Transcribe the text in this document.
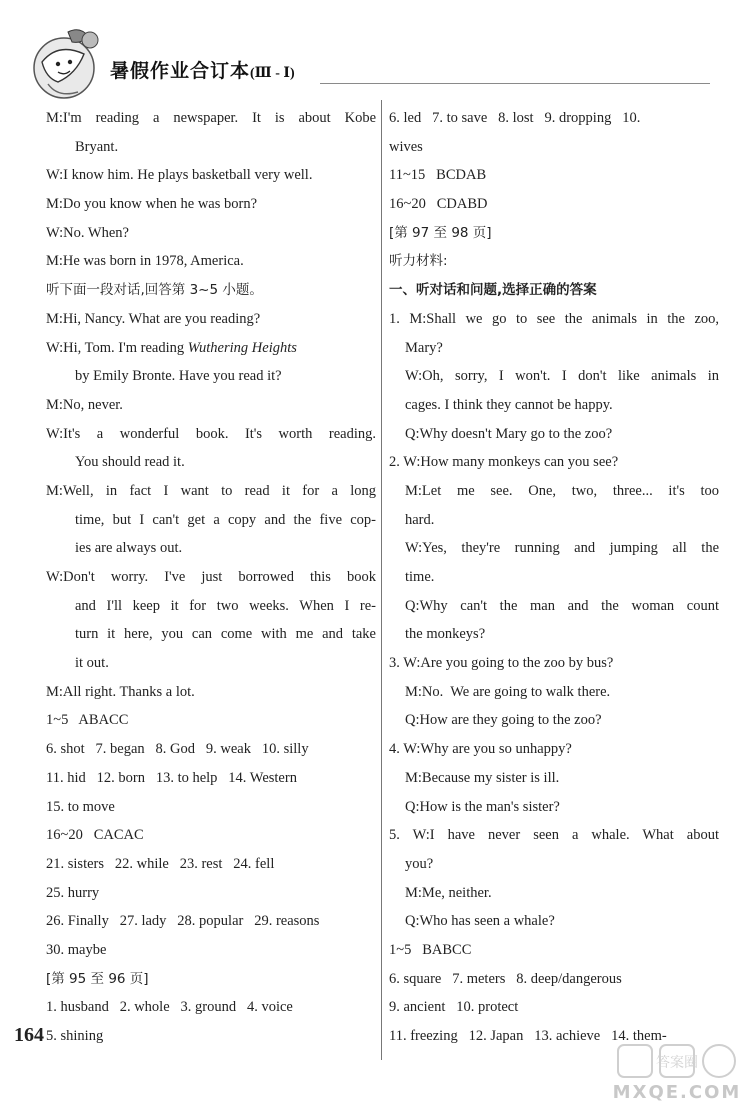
暑假作业合订本(Ⅲ - Ⅰ)
M:I'm reading a newspaper. It is about Kobe
Bryant.
W:I know him. He plays basketball very well.
M:Do you know when he was born?
W:No. When?
M:He was born in 1978, America.
听下面一段对话,回答第 3~5 小题。
M:Hi, Nancy. What are you reading?
W:Hi, Tom. I'm reading Wuthering Heights
by Emily Bronte. Have you read it?
M:No, never.
W:It's a wonderful book. It's worth reading.
You should read it.
M:Well, in fact I want to read it for a long
time, but I can't get a copy and the five cop-
ies are always out.
W:Don't worry. I've just borrowed this book
and I'll keep it for two weeks. When I re-
turn it here, you can come with me and take
it out.
M:All right. Thanks a lot.
1~5   ABACC
6. shot   7. began   8. God   9. weak   10. silly
11. hid   12. born   13. to help   14. Western
15. to move
16~20   CACAC
21. sisters   22. while   23. rest   24. fell
25. hurry
26. Finally   27. lady   28. popular   29. reasons
30. maybe
[第 95 至 96 页]
1. husband   2. whole   3. ground   4. voice
5. shining
6. led   7. to save   8. lost   9. dropping   10.
wives
11~15   BCDAB
16~20   CDABD
[第 97 至 98 页]
听力材料:
一、听对话和问题,选择正确的答案
1. M:Shall we go to see the animals in the zoo,
Mary?
W:Oh, sorry, I won't. I don't like animals in
cages. I think they cannot be happy.
Q:Why doesn't Mary go to the zoo?
2. W:How many monkeys can you see?
M:Let me see. One, two, three... it's too
hard.
W:Yes, they're running and jumping all the
time.
Q:Why can't the man and the woman count
the monkeys?
3. W:Are you going to the zoo by bus?
M:No.  We are going to walk there.
Q:How are they going to the zoo?
4. W:Why are you so unhappy?
M:Because my sister is ill.
Q:How is the man's sister?
5. W:I have never seen a whale. What about
you?
M:Me, neither.
Q:Who has seen a whale?
1~5   BABCC
6. square   7. meters   8. deep/dangerous
9. ancient   10. protect
11. freezing   12. Japan   13. achieve   14. them-
164
答案圈
MXQE.COM
